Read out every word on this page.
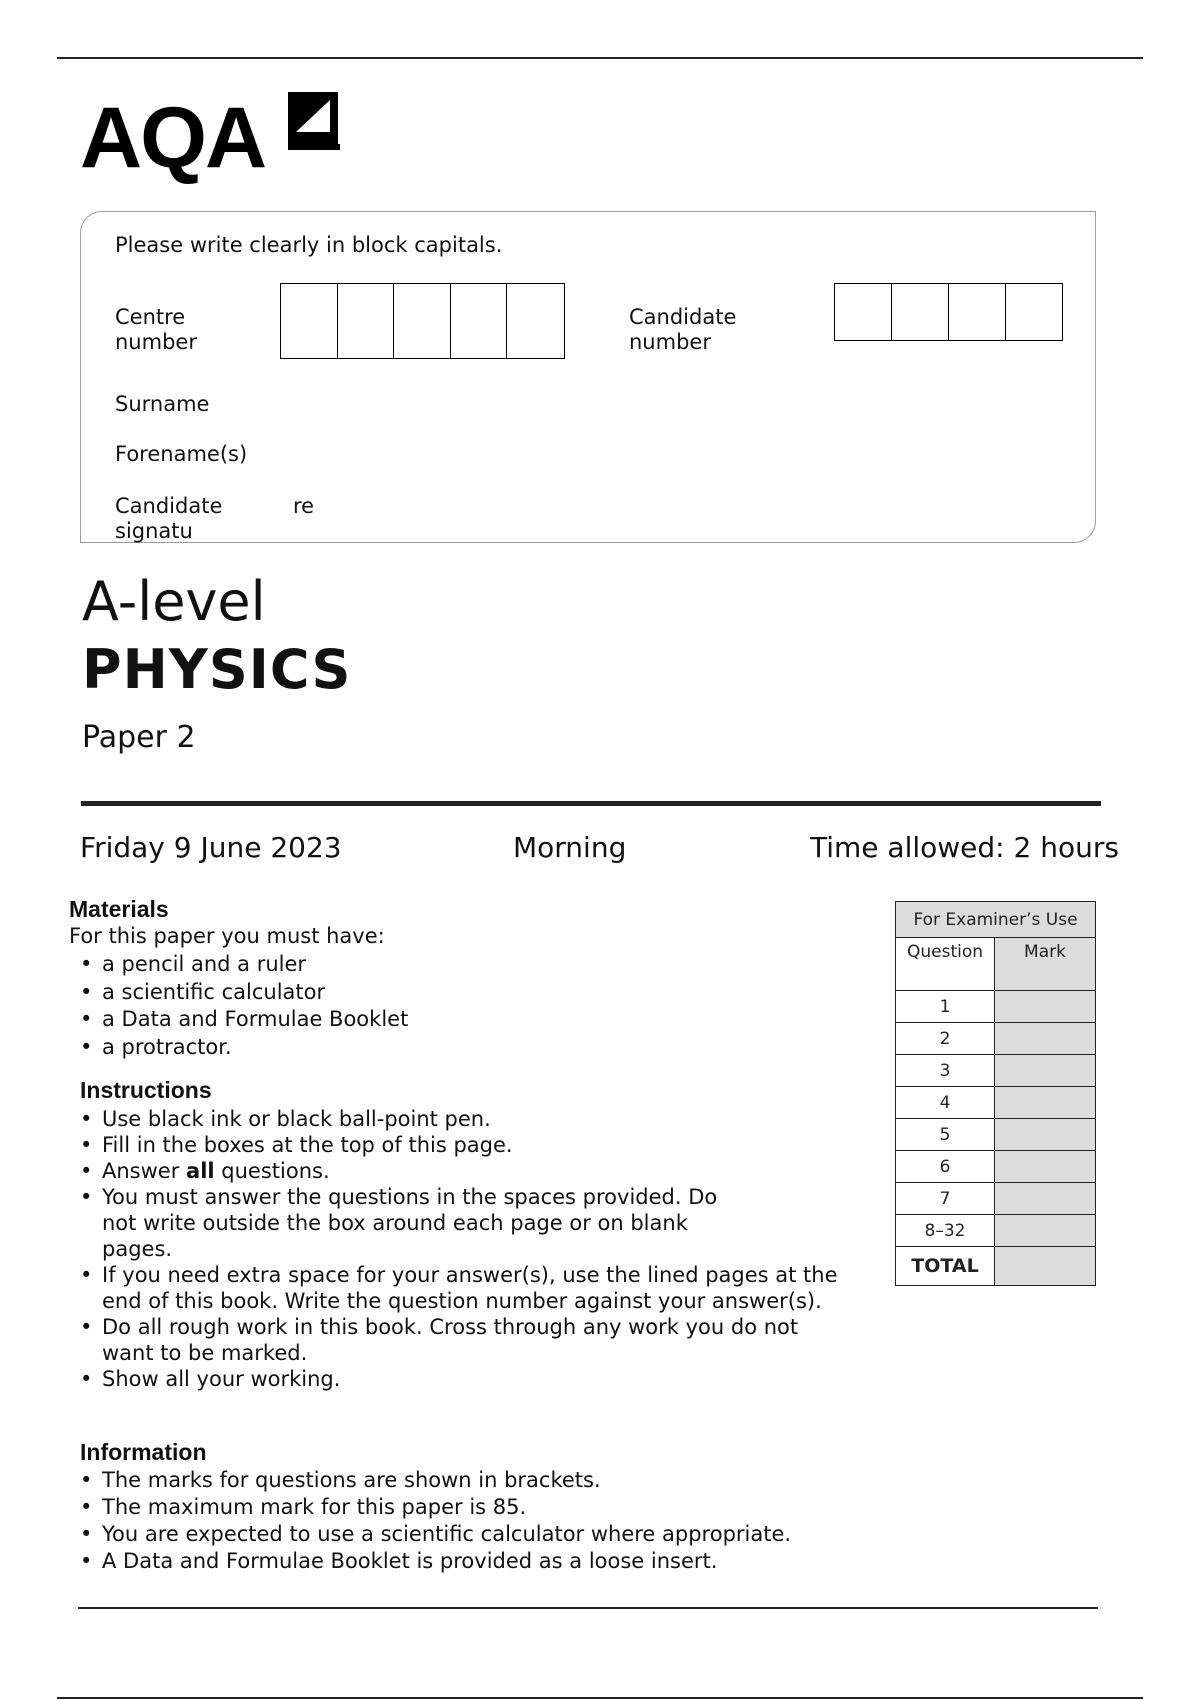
AQA
Please write clearly in block capitals.
Centre
number
Candidate
number
Surname
Forename(s)
Candidate
signatu
re
A-level
PHYSICS
Paper 2
Friday 9 June 2023	Morning	Time allowed: 2 hours
Materials
For this paper you must have:
• a pencil and a ruler
• a scientific calculator
• a Data and Formulae Booklet
• a protractor.
Instructions
• Use black ink or black ball-point pen.
• Fill in the boxes at the top of this page.
• Answer all questions.
• You must answer the questions in the spaces provided. Do not write outside the box around each page or on blank pages.
• If you need extra space for your answer(s), use the lined pages at the end of this book. Write the question number against your answer(s).
• Do all rough work in this book. Cross through any work you do not want to be marked.
• Show all your working.
Information
• The marks for questions are shown in brackets.
• The maximum mark for this paper is 85.
• You are expected to use a scientific calculator where appropriate.
• A Data and Formulae Booklet is provided as a loose insert.
For Examiner’s Use	
Question	Mark
1	
2	
3	
4	
5	
6	
7	
8–32	
TOTAL	
